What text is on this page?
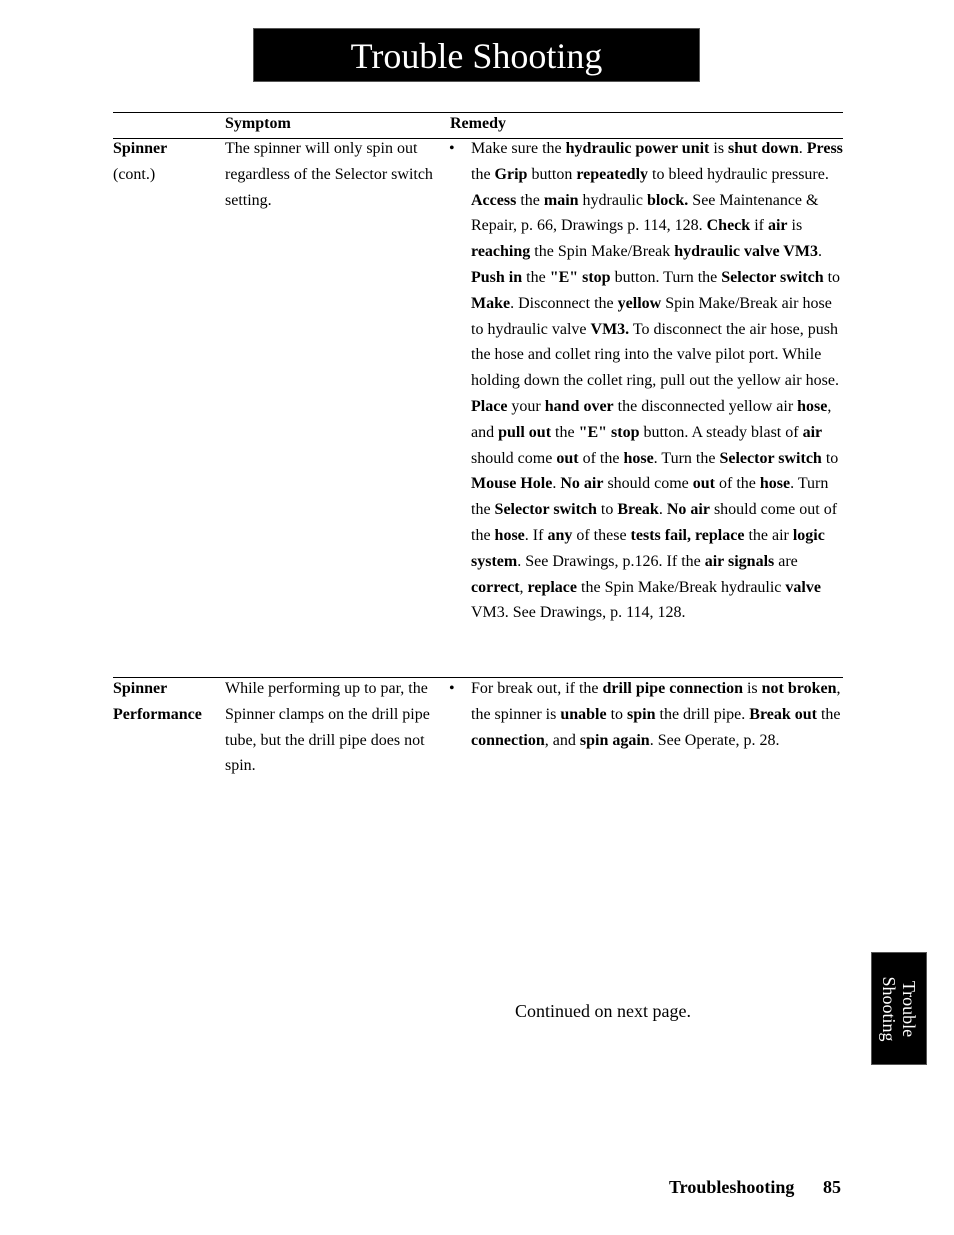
Trouble Shooting
Symptom	Remedy
Spinner
(cont.)
The spinner will only spin out regardless of the Selector switch setting.
• Make sure the hydraulic power unit is shut down. Press the Grip button repeatedly to bleed hydraulic pressure. Access the main hydraulic block. See Maintenance & Repair, p. 66, Drawings p. 114, 128. Check if air is reaching the Spin Make/Break hydraulic valve VM3. Push in the "E" stop button. Turn the Selector switch to Make. Disconnect the yellow Spin Make/Break air hose to hydraulic valve VM3. To disconnect the air hose, push the hose and collet ring into the valve pilot port. While holding down the collet ring, pull out the yellow air hose. Place your hand over the disconnected yellow air hose, and pull out the "E" stop button. A steady blast of air should come out of the hose. Turn the Selector switch to Mouse Hole. No air should come out of the hose. Turn the Selector switch to Break. No air should come out of the hose. If any of these tests fail, replace the air logic system. See Drawings, p.126. If the air signals are correct, replace the Spin Make/Break hydraulic valve VM3. See Drawings, p. 114, 128.
Spinner
Performance
While performing up to par, the Spinner clamps on the drill pipe tube, but the drill pipe does not spin.
• For break out, if the drill pipe connection is not broken, the spinner is unable to spin the drill pipe. Break out the connection, and spin again. See Operate, p. 28.
Trouble
Shooting
Continued on next page.
Troubleshooting 85
